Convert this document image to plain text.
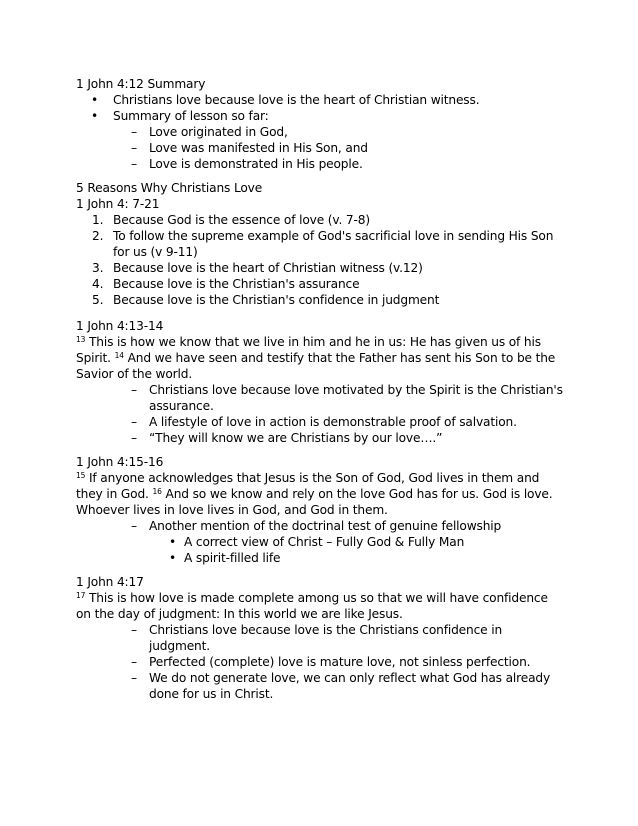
1 John 4:12 Summary
• Christians love because love is the heart of Christian witness.
• Summary of lesson so far:
– Love originated in God,
– Love was manifested in His Son, and
– Love is demonstrated in His people.
5 Reasons Why Christians Love
1 John 4: 7-21
1. Because God is the essence of love (v. 7-8)
2. To follow the supreme example of God's sacrificial love in sending His Son
for us (v 9-11)
3. Because love is the heart of Christian witness (v.12)
4. Because love is the Christian's assurance
5. Because love is the Christian's confidence in judgment
1 John 4:13-14
$^{13}$ This is how we know that we live in him and he in us: He has given us of his
Spirit. $^{14}$ And we have seen and testify that the Father has sent his Son to be the
Savior of the world.
– Christians love because love motivated by the Spirit is the Christian's
assurance.
– A lifestyle of love in action is demonstrable proof of salvation.
– “They will know we are Christians by our love….”
1 John 4:15-16
$^{15}$ If anyone acknowledges that Jesus is the Son of God, God lives in them and
they in God. $^{16}$ And so we know and rely on the love God has for us. God is love.
Whoever lives in love lives in God, and God in them.
– Another mention of the doctrinal test of genuine fellowship
• A correct view of Christ – Fully God & Fully Man
• A spirit-filled life
1 John 4:17
$^{17}$ This is how love is made complete among us so that we will have confidence
on the day of judgment: In this world we are like Jesus.
– Christians love because love is the Christians confidence in
judgment.
– Perfected (complete) love is mature love, not sinless perfection.
– We do not generate love, we can only reflect what God has already
done for us in Christ.
